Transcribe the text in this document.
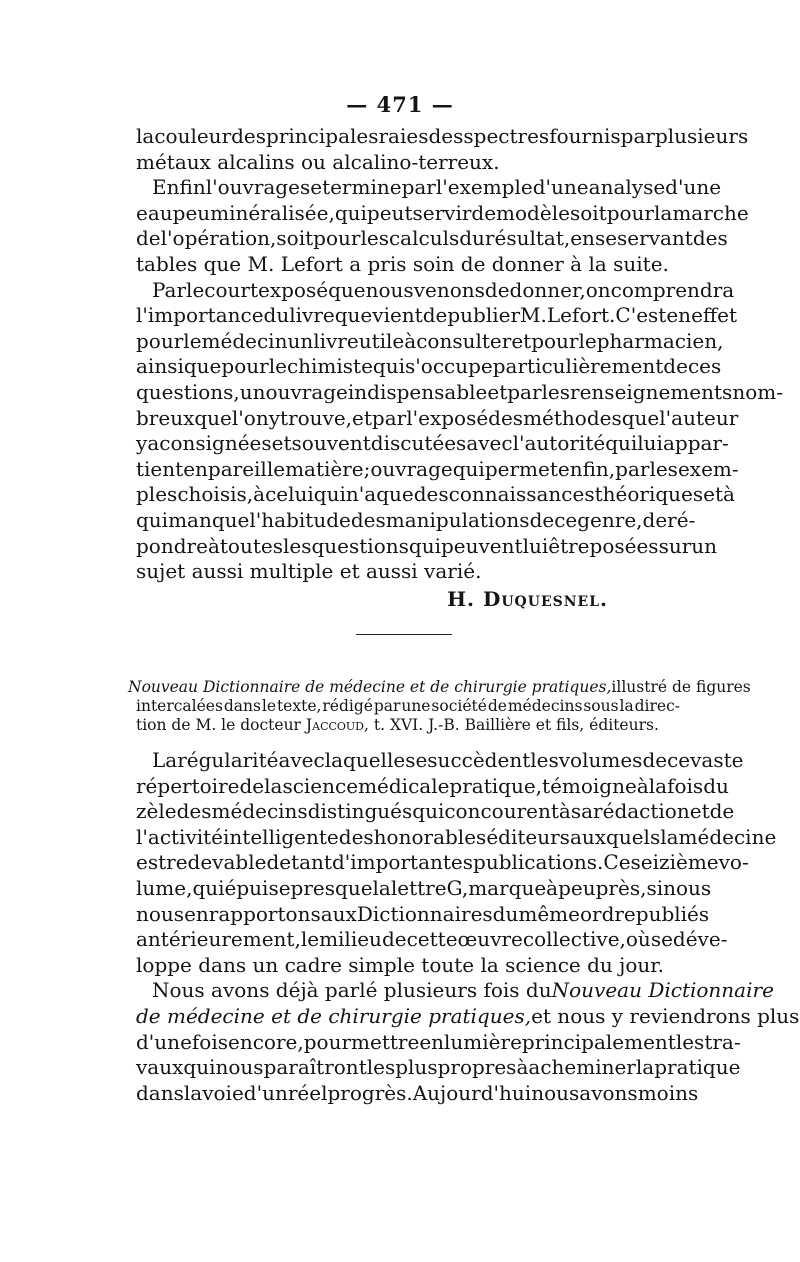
— 471 —
la couleur des principales raies des spectres fournis par plusieurs
métaux alcalins ou alcalino-terreux.
Enfin l'ouvrage se termine par l'exemple d'une analyse d'une
eau peu minéralisée, qui peut servir de modèle soit pour la marche
de l'opération, soit pour les calculs du résultat, en se servant des
tables que M. Lefort a pris soin de donner à la suite.
Par le court exposé que nous venons de donner, on comprendra
l'importance du livre que vient de publier M. Lefort. C'est en effet
pour le médecin un livre utile à consulter et pour le pharmacien,
ainsi que pour le chimiste qui s'occupe particulièrement de ces
questions, un ouvrage indispensable et par les renseignements nom-
breux que l'on y trouve, et par l'exposé des méthodes que l'auteur
y a consignées et souvent discutées avec l'autorité qui lui appar-
tient en pareille matière ; ouvrage qui permet enfin, par les exem-
ples choisis, à celui qui n'a que des connaissances théoriques et à
qui manque l'habitude des manipulations de ce genre, de ré-
pondre à toutes les questions qui peuvent lui être posées sur un
sujet aussi multiple et aussi varié.
H. Duquesnel.
Nouveau Dictionnaire de médecine et de chirurgie pratiques, illustré de figures
intercalées dans le texte, rédigé par une société de médecins sous la direc-
tion de M. le docteur
Jaccoud , t. XVI. J.-B. Baillière et fils, éditeurs.
La régularité avec laquelle se succèdent les volumes de ce vaste
répertoire de la science médicale pratique, témoigne à la fois du
zèle des médecins distingués qui concourent à sa rédaction et de
l'activité intelligente des honorables éditeurs auxquels la médecine
est redevable de tant d'importantes publications. Ce seizième vo-
lume, qui épuise presque la lettre G, marque à peu près, si nous
nous en rapportons aux Dictionnaires du même ordre publiés
antérieurement, le milieu de cette œuvre collective, où se déve-
loppe dans un cadre simple toute la science du jour.
Nous avons déjà parlé plusieurs fois du Nouveau Dictionnaire
de médecine et de chirurgie pratiques, et nous y reviendrons plus
d'une fois encore, pour mettre en lumière principalement les tra-
vaux qui nous paraîtront les plus propres à acheminer la pratique
dans la voie d'un réel progrès. Aujourd'hui nous avons moins
